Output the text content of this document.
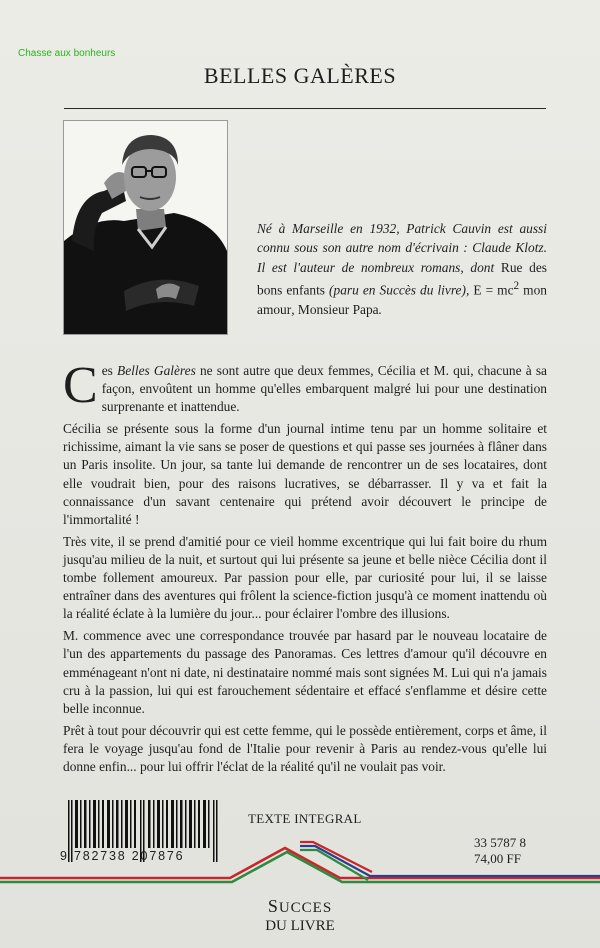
Chasse aux bonheurs
BELLES GALÈRES
Né à Marseille en 1932, Patrick Cauvin est aussi connu sous son autre nom d'écrivain : Claude Klotz. Il est l'auteur de nombreux romans, dont Rue des bons enfants (paru en Succès du livre), $E = mc^2$ mon amour, Monsieur Papa.

Ces Belles Galères ne sont autre que deux femmes, Cécilia et M. qui, chacune à sa façon, envoûtent un homme qu'elles embarquent malgré lui pour une destination surprenante et inattendue.

Cécilia se présente sous la forme d'un journal intime tenu par un homme solitaire et richissime, aimant la vie sans se poser de questions et qui passe ses journées à flâner dans un Paris insolite. Un jour, sa tante lui demande de rencontrer un de ses locataires, dont elle voudrait bien, pour des raisons lucratives, se débarrasser. Il y va et fait la connaissance d'un savant centenaire qui prétend avoir découvert le principe de l'immortalité !

Très vite, il se prend d'amitié pour ce vieil homme excentrique qui lui fait boire du rhum jusqu'au milieu de la nuit, et surtout qui lui présente sa jeune et belle nièce Cécilia dont il tombe follement amoureux. Par passion pour elle, par curiosité pour lui, il se laisse entraîner dans des aventures qui frôlent la science-fiction jusqu'à ce moment inattendu où la réalité éclate à la lumière du jour... pour éclairer l'ombre des illusions.

M. commence avec une correspondance trouvée par hasard par le nouveau locataire de l'un des appartements du passage des Panoramas. Ces lettres d'amour qu'il découvre en emménageant n'ont ni date, ni destinataire nommé mais sont signées M. Lui qui n'a jamais cru à la passion, lui qui est farouchement sédentaire et effacé s'enflamme et désire cette belle inconnue.

Prêt à tout pour découvrir qui est cette femme, qui le possède entièrement, corps et âme, il fera le voyage jusqu'au fond de l'Italie pour revenir à Paris au rendez-vous qu'elle lui donne enfin... pour lui offrir l'éclat de la réalité qu'il ne voulait pas voir.

TEXTE INTEGRAL
9 782738 207876
33 5787 8
74,00 FF
SUCCES
DU LIVRE
